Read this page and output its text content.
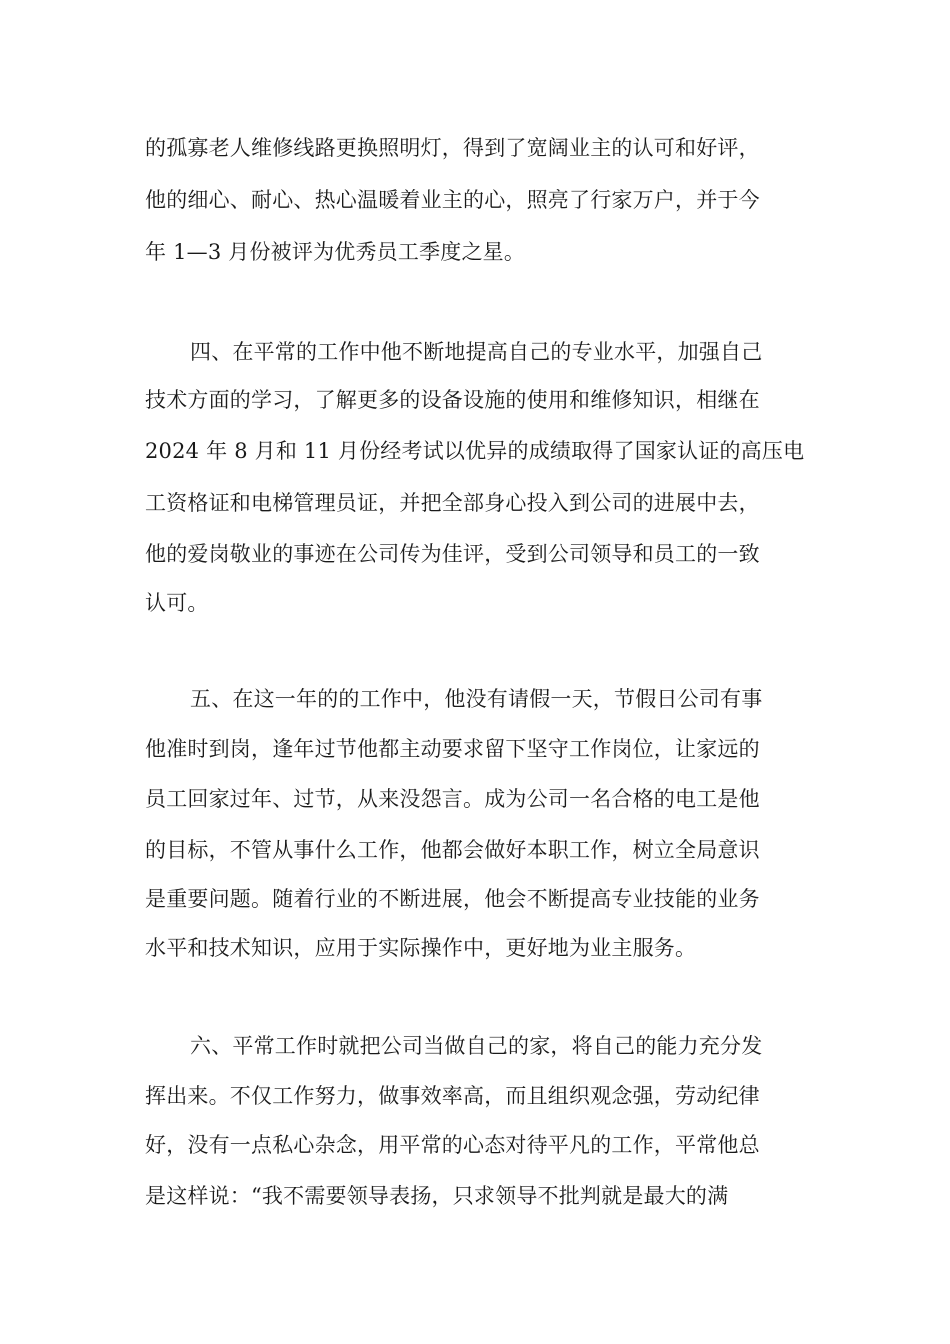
的孤寡老人维修线路更换照明灯，得到了宽阔业主的认可和好评，
他的细心、耐心、热心温暖着业主的心，照亮了行家万户，并于今
年 1—3 月份被评为优秀员工季度之星。
四、在平常的工作中他不断地提高自己的专业水平，加强自己
技术方面的学习，了解更多的设备设施的使用和维修知识，相继在
2024 年 8 月和 11 月份经考试以优异的成绩取得了国家认证的高压电
工资格证和电梯管理员证，并把全部身心投入到公司的进展中去，
他的爱岗敬业的事迹在公司传为佳评，受到公司领导和员工的一致
认可。
五、在这一年的的工作中，他没有请假一天，节假日公司有事
他准时到岗，逢年过节他都主动要求留下坚守工作岗位，让家远的
员工回家过年、过节，从来没怨言。成为公司一名合格的电工是他
的目标，不管从事什么工作，他都会做好本职工作，树立全局意识
是重要问题。随着行业的不断进展，他会不断提高专业技能的业务
水平和技术知识，应用于实际操作中，更好地为业主服务。
六、平常工作时就把公司当做自己的家，将自己的能力充分发
挥出来。不仅工作努力，做事效率高，而且组织观念强，劳动纪律
好，没有一点私心杂念，用平常的心态对待平凡的工作，平常他总
是这样说：“我不需要领导表扬，只求领导不批判就是最大的满
